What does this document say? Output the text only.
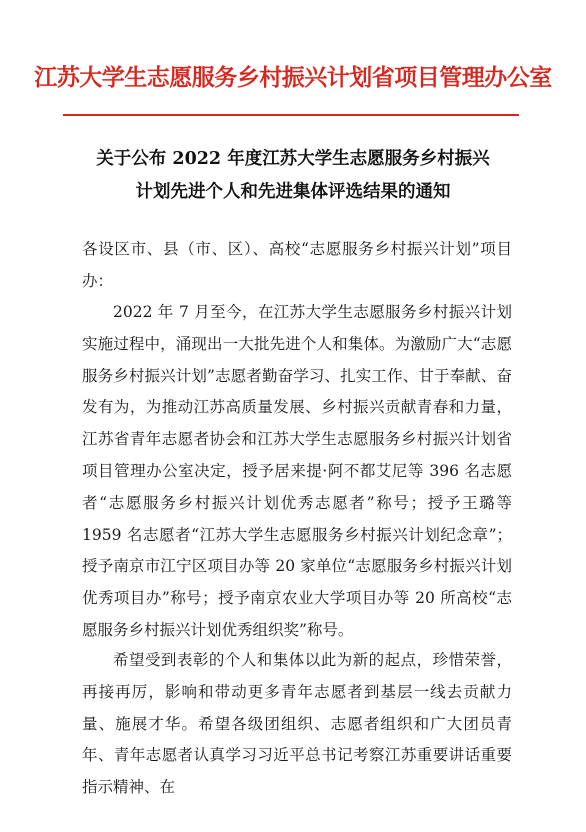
江苏大学生志愿服务乡村振兴计划省项目管理办公室
关于公布 2022 年度江苏大学生志愿服务乡村振兴
计划先进个人和先进集体评选结果的通知
各设区市、县（市、区）、高校“志愿服务乡村振兴计划”项目办：
2022 年 7 月至今，在江苏大学生志愿服务乡村振兴计划实施过程中，涌现出一大批先进个人和集体。为激励广大“志愿服务乡村振兴计划”志愿者勤奋学习、扎实工作、甘于奉献、奋发有为，为推动江苏高质量发展、乡村振兴贡献青春和力量，江苏省青年志愿者协会和江苏大学生志愿服务乡村振兴计划省项目管理办公室决定，授予居来提·阿不都艾尼等 396 名志愿者“志愿服务乡村振兴计划优秀志愿者”称号；授予王璐等 1959 名志愿者“江苏大学生志愿服务乡村振兴计划纪念章”；授予南京市江宁区项目办等 20 家单位“志愿服务乡村振兴计划优秀项目办”称号；授予南京农业大学项目办等 20 所高校“志愿服务乡村振兴计划优秀组织奖”称号。
希望受到表彰的个人和集体以此为新的起点，珍惜荣誉，再接再厉，影响和带动更多青年志愿者到基层一线去贡献力量、施展才华。希望各级团组织、志愿者组织和广大团员青年、青年志愿者认真学习习近平总书记考察江苏重要讲话重要指示精神、在
